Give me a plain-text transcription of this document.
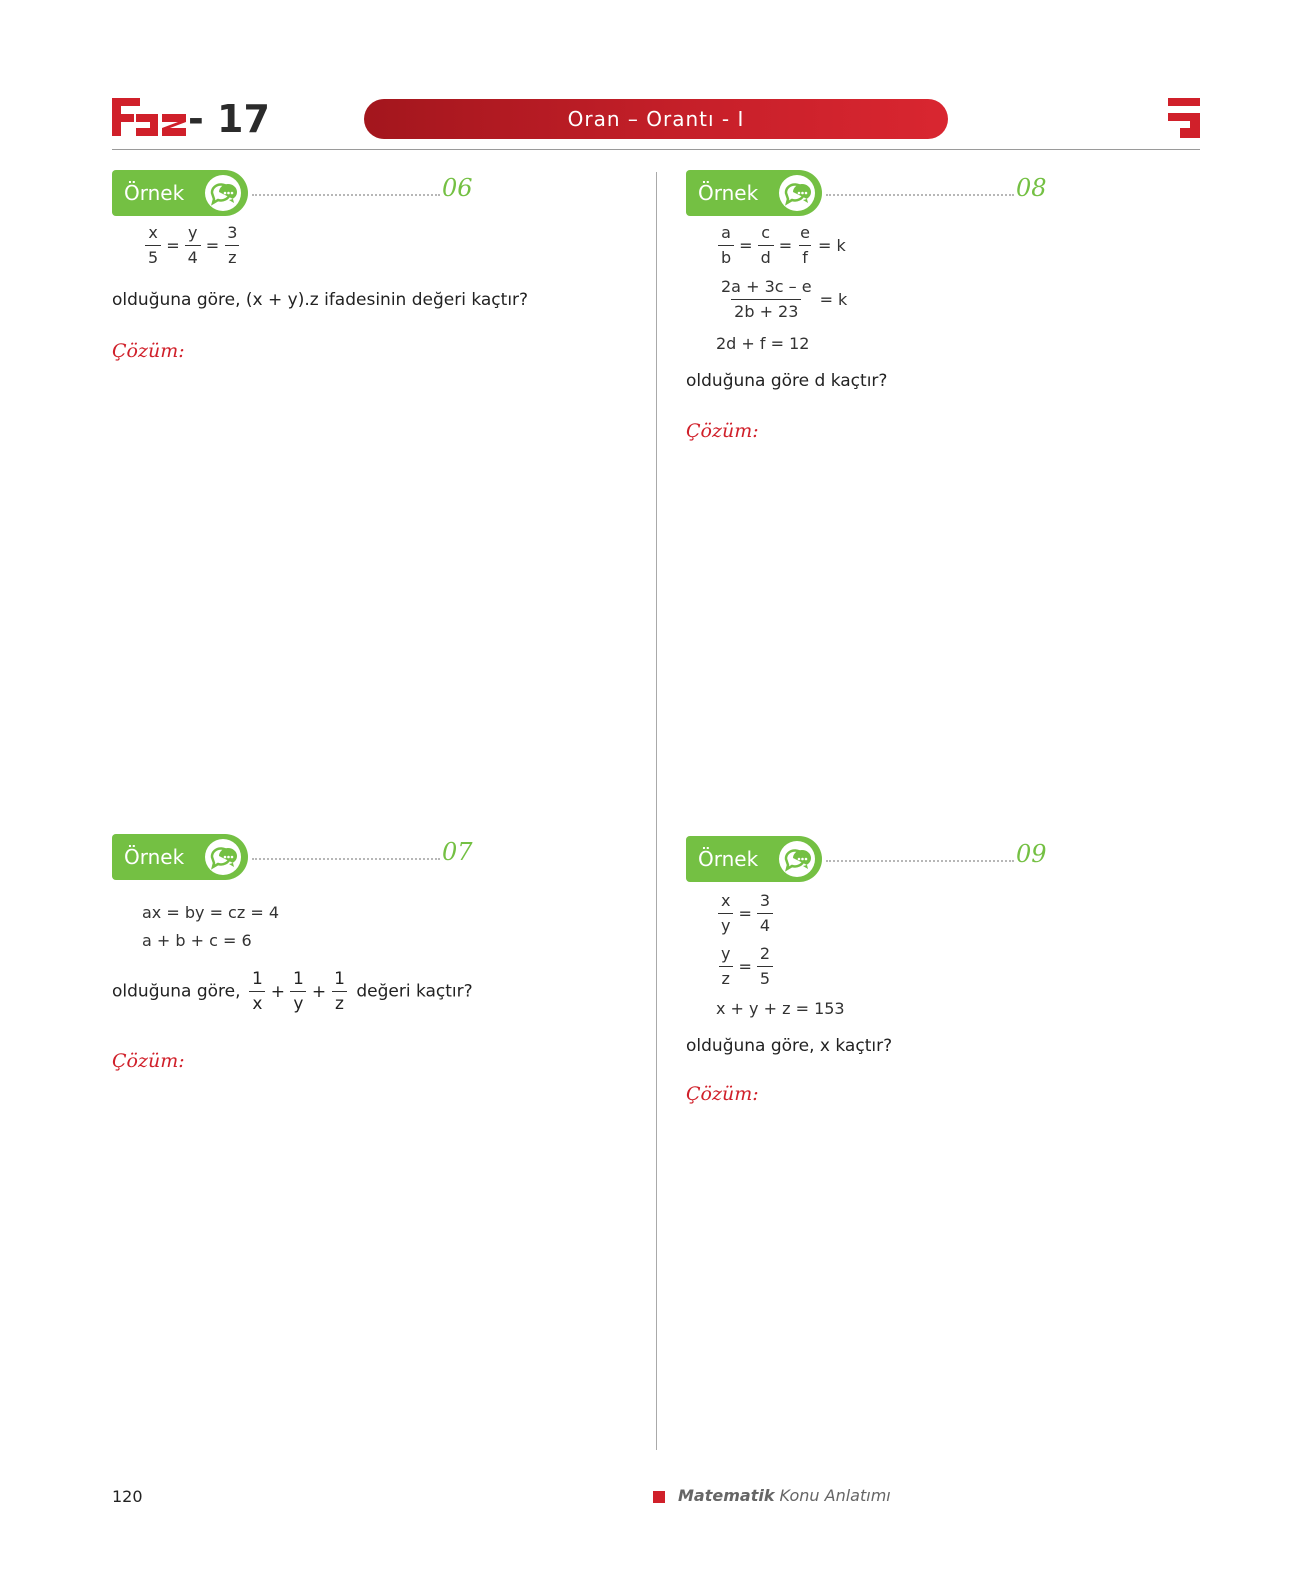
- 17	Oran – Orantı - I
Örnek	06
$\frac{x}{5} = \frac{y}{4} = \frac{3}{z}$
olduğuna göre, (x + y).z ifadesinin değeri kaçtır?
Çözüm:
Örnek	07
ax = by = cz = 4
a + b + c = 6
olduğuna göre, $\frac{1}{x} + \frac{1}{y} + \frac{1}{z}$ değeri kaçtır?
Çözüm:
Örnek	08
$\frac{a}{b} = \frac{c}{d} = \frac{e}{f} = k$
$\frac{2a + 3c - e}{2b + 23} = k$
2d + f = 12
olduğuna göre d kaçtır?
Çözüm:
Örnek	09
$\frac{x}{y} = \frac{3}{4}$
$\frac{y}{z} = \frac{2}{5}$
x + y + z = 153
olduğuna göre, x kaçtır?
Çözüm:
120	Matematik Konu Anlatımı
